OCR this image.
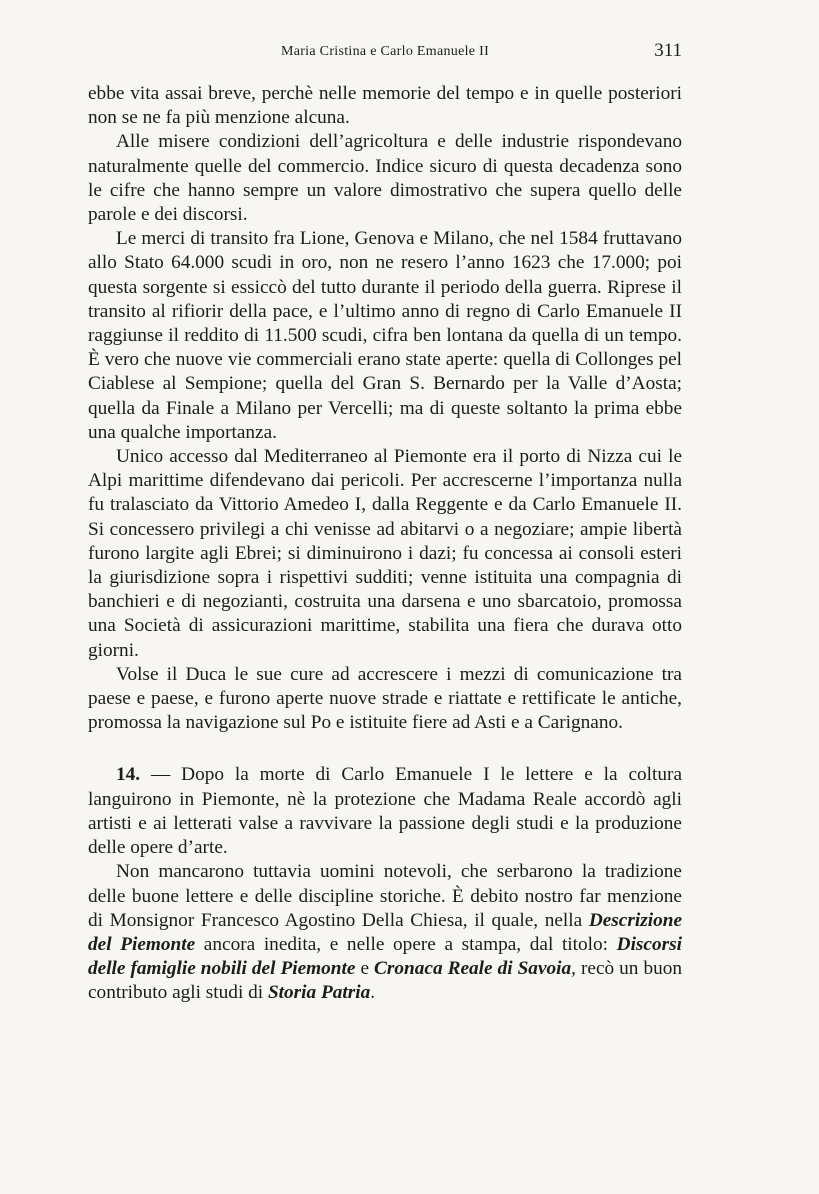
Maria Cristina e Carlo Emanuele II	311

ebbe vita assai breve, perchè nelle memorie del tempo e in quelle posteriori non se ne fa più menzione alcuna.

Alle misere condizioni dell’agricoltura e delle industrie rispondevano naturalmente quelle del commercio. Indice sicuro di questa decadenza sono le cifre che hanno sempre un valore dimostrativo che supera quello delle parole e dei discorsi.

Le merci di transito fra Lione, Genova e Milano, che nel 1584 fruttavano allo Stato 64.000 scudi in oro, non ne resero l’anno 1623 che 17.000; poi questa sorgente si essiccò del tutto durante il periodo della guerra. Riprese il transito al rifiorir della pace, e l’ultimo anno di regno di Carlo Emanuele II raggiunse il reddito di 11.500 scudi, cifra ben lontana da quella di un tempo. È vero che nuove vie commerciali erano state aperte: quella di Collonges pel Ciablese al Sempione; quella del Gran S. Bernardo per la Valle d’Aosta; quella da Finale a Milano per Vercelli; ma di queste soltanto la prima ebbe una qualche importanza.

Unico accesso dal Mediterraneo al Piemonte era il porto di Nizza cui le Alpi marittime difendevano dai pericoli. Per accrescerne l’importanza nulla fu tralasciato da Vittorio Amedeo I, dalla Reggente e da Carlo Emanuele II. Si concessero privilegi a chi venisse ad abitarvi o a negoziare; ampie libertà furono largite agli Ebrei; si diminuirono i dazi; fu concessa ai consoli esteri la giurisdizione sopra i rispettivi sudditi; venne istituita una compagnia di banchieri e di negozianti, costruita una darsena e uno sbarcatoio, promossa una Società di assicurazioni marittime, stabilita una fiera che durava otto giorni.

Volse il Duca le sue cure ad accrescere i mezzi di comunicazione tra paese e paese, e furono aperte nuove strade e riattate e rettificate le antiche, promossa la navigazione sul Po e istituite fiere ad Asti e a Carignano.

14. — Dopo la morte di Carlo Emanuele I le lettere e la coltura languirono in Piemonte, nè la protezione che Madama Reale accordò agli artisti e ai letterati valse a ravvivare la passione degli studi e la produzione delle opere d’arte.

Non mancarono tuttavia uomini notevoli, che serbarono la tradizione delle buone lettere e delle discipline storiche. È debito nostro far menzione di Monsignor Francesco Agostino Della Chiesa, il quale, nella Descrizione del Piemonte ancora inedita, e nelle opere a stampa, dal titolo: Discorsi delle famiglie nobili del Piemonte e Cronaca Reale di Savoia, recò un buon contributo agli studi di Storia Patria.
